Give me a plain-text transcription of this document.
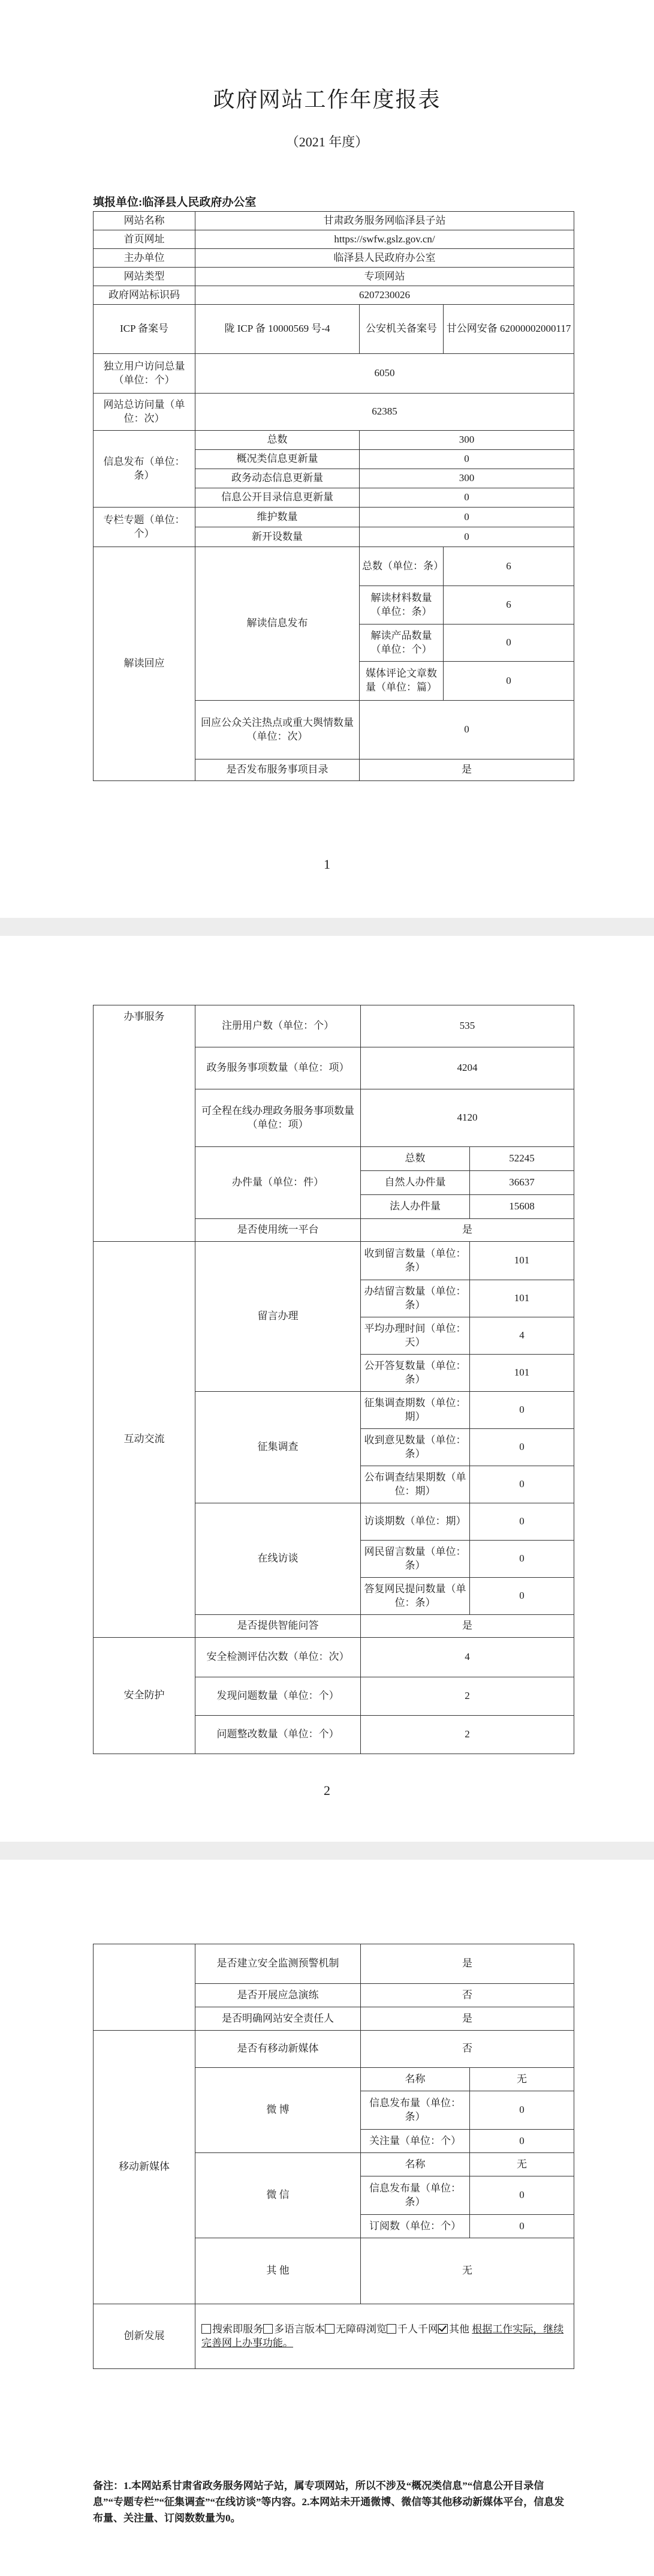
政府网站工作年度报表
（2021 年度）
填报单位:临泽县人民政府办公室
网站名称	甘肃政务服务网临泽县子站		
首页网址	https://swfw.gslz.gov.cn/		
主办单位	临泽县人民政府办公室		
网站类型	专项网站		
政府网站标识码	6207230026		
ICP 备案号	陇 ICP 备 10000569 号-4	公安机关备案号	甘公网安备 62000002000117
独立用户访问总量（单位：个）	6050		
网站总访问量（单位：次）	62385		
信息发布（单位：条）	总数	300	
	概况类信息更新量	0	
	政务动态信息更新量	300	
	信息公开目录信息更新量	0	
专栏专题（单位：个）	维护数量	0	
	新开设数量	0	
解读回应	解读信息发布	总数（单位：条）	6
		解读材料数量（单位：条）	6
		解读产品数量（单位：个）	0
		媒体评论文章数量（单位：篇）	0
	回应公众关注热点或重大舆情数量（单位：次）	0	
	是否发布服务事项目录	是	
1
办事服务	注册用户数（单位：个）	535	
	政务服务事项数量（单位：项）	4204	
	可全程在线办理政务服务事项数量（单位：项）	4120	
	办件量（单位：件）	总数	52245
		自然人办件量	36637
		法人办件量	15608
	是否使用统一平台	是	
互动交流	留言办理	收到留言数量（单位：条）	101
		办结留言数量（单位：条）	101
		平均办理时间（单位：天）	4
		公开答复数量（单位：条）	101
	征集调查	征集调查期数（单位：期）	0
		收到意见数量（单位：条）	0
		公布调查结果期数（单位：期）	0
	在线访谈	访谈期数（单位：期）	0
		网民留言数量（单位：条）	0
		答复网民提问数量（单位：条）	0
	是否提供智能问答	是	
安全防护	安全检测评估次数（单位：次）	4	
	发现问题数量（单位：个）	2	
	问题整改数量（单位：个）	2	
2
	是否建立安全监测预警机制	是	
	是否开展应急演练	否	
	是否明确网站安全责任人	是	
移动新媒体	是否有移动新媒体	否	
	微 博	名称	无
		信息发布量（单位：条）	0
		关注量（单位：个）	0
	微 信	名称	无
		信息发布量（单位：条）	0
		订阅数（单位：个）	0
	其 他	无	
创新发展	搜索即服务 多语言版本 无障碍浏览 千人千网 其他 根据工作实际，继续完善网上办事功能。		
备注：1.本网站系甘肃省政务服务网站子站，属专项网站，所以不涉及“概况类信息”“信息公开目录信息”“专题专栏”“征集调查”“在线访谈”等内容。2.本网站未开通微博、微信等其他移动新媒体平台，信息发布量、关注量、订阅数数量为0。
